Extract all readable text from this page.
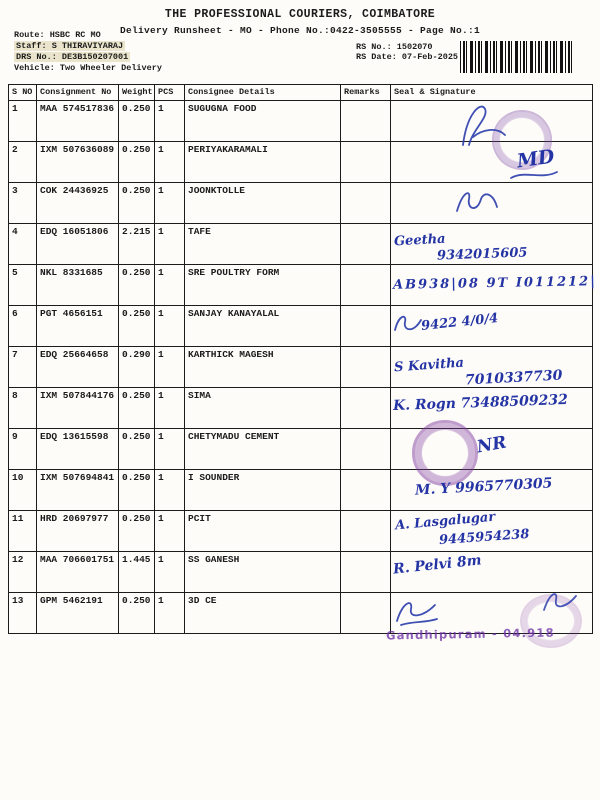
THE PROFESSIONAL COURIERS, COIMBATORE
Delivery Runsheet - MO - Phone No.:0422-3505555 - Page No.:1
Route: HSBC RC MO
Staff: S THIRAVIYARAJ
DRS No.: DE3B150207001
Vehicle: Two Wheeler Delivery
RS No.: 1502070
RS Date: 07-Feb-2025
S NO	Consignment No	Weight	PCS	Consignee Details	Remarks	Seal & Signature
1	MAA 574517836	0.250	1	SUGUGNA FOOD		

2	IXM 507636089	0.250	1	PERIYAKARAMALI		MD

3	COK 24436925	0.250	1	JOONKTOLLE		

4	EDQ 16051806	2.215	1	TAFE		Geetha
9342015605

5	NKL 8331685	0.250	1	SRE POULTRY FORM		AB938|08 9T I011212|

6	PGT 4656151	0.250	1	SANJAY KANAYALAL		9422 4/0/4

7	EDQ 25664658	0.290	1	KARTHICK MAGESH		S Kavitha
7010337730

8	IXM 507844176	0.250	1	SIMA		K. Rogn 73488509232

9	EDQ 13615598	0.250	1	CHETYMADU CEMENT		NR

10	IXM 507694841	0.250	1	I SOUNDER		M. Y 9965770305

11	HRD 20697977	0.250	1	PCIT		A. Lasgalugar
9445954238

12	MAA 706601751	1.445	1	SS GANESH		R. Pelvi 8m

13	GPM 5462191	0.250	1	3D CE		
Gandhipuram - 04.918
